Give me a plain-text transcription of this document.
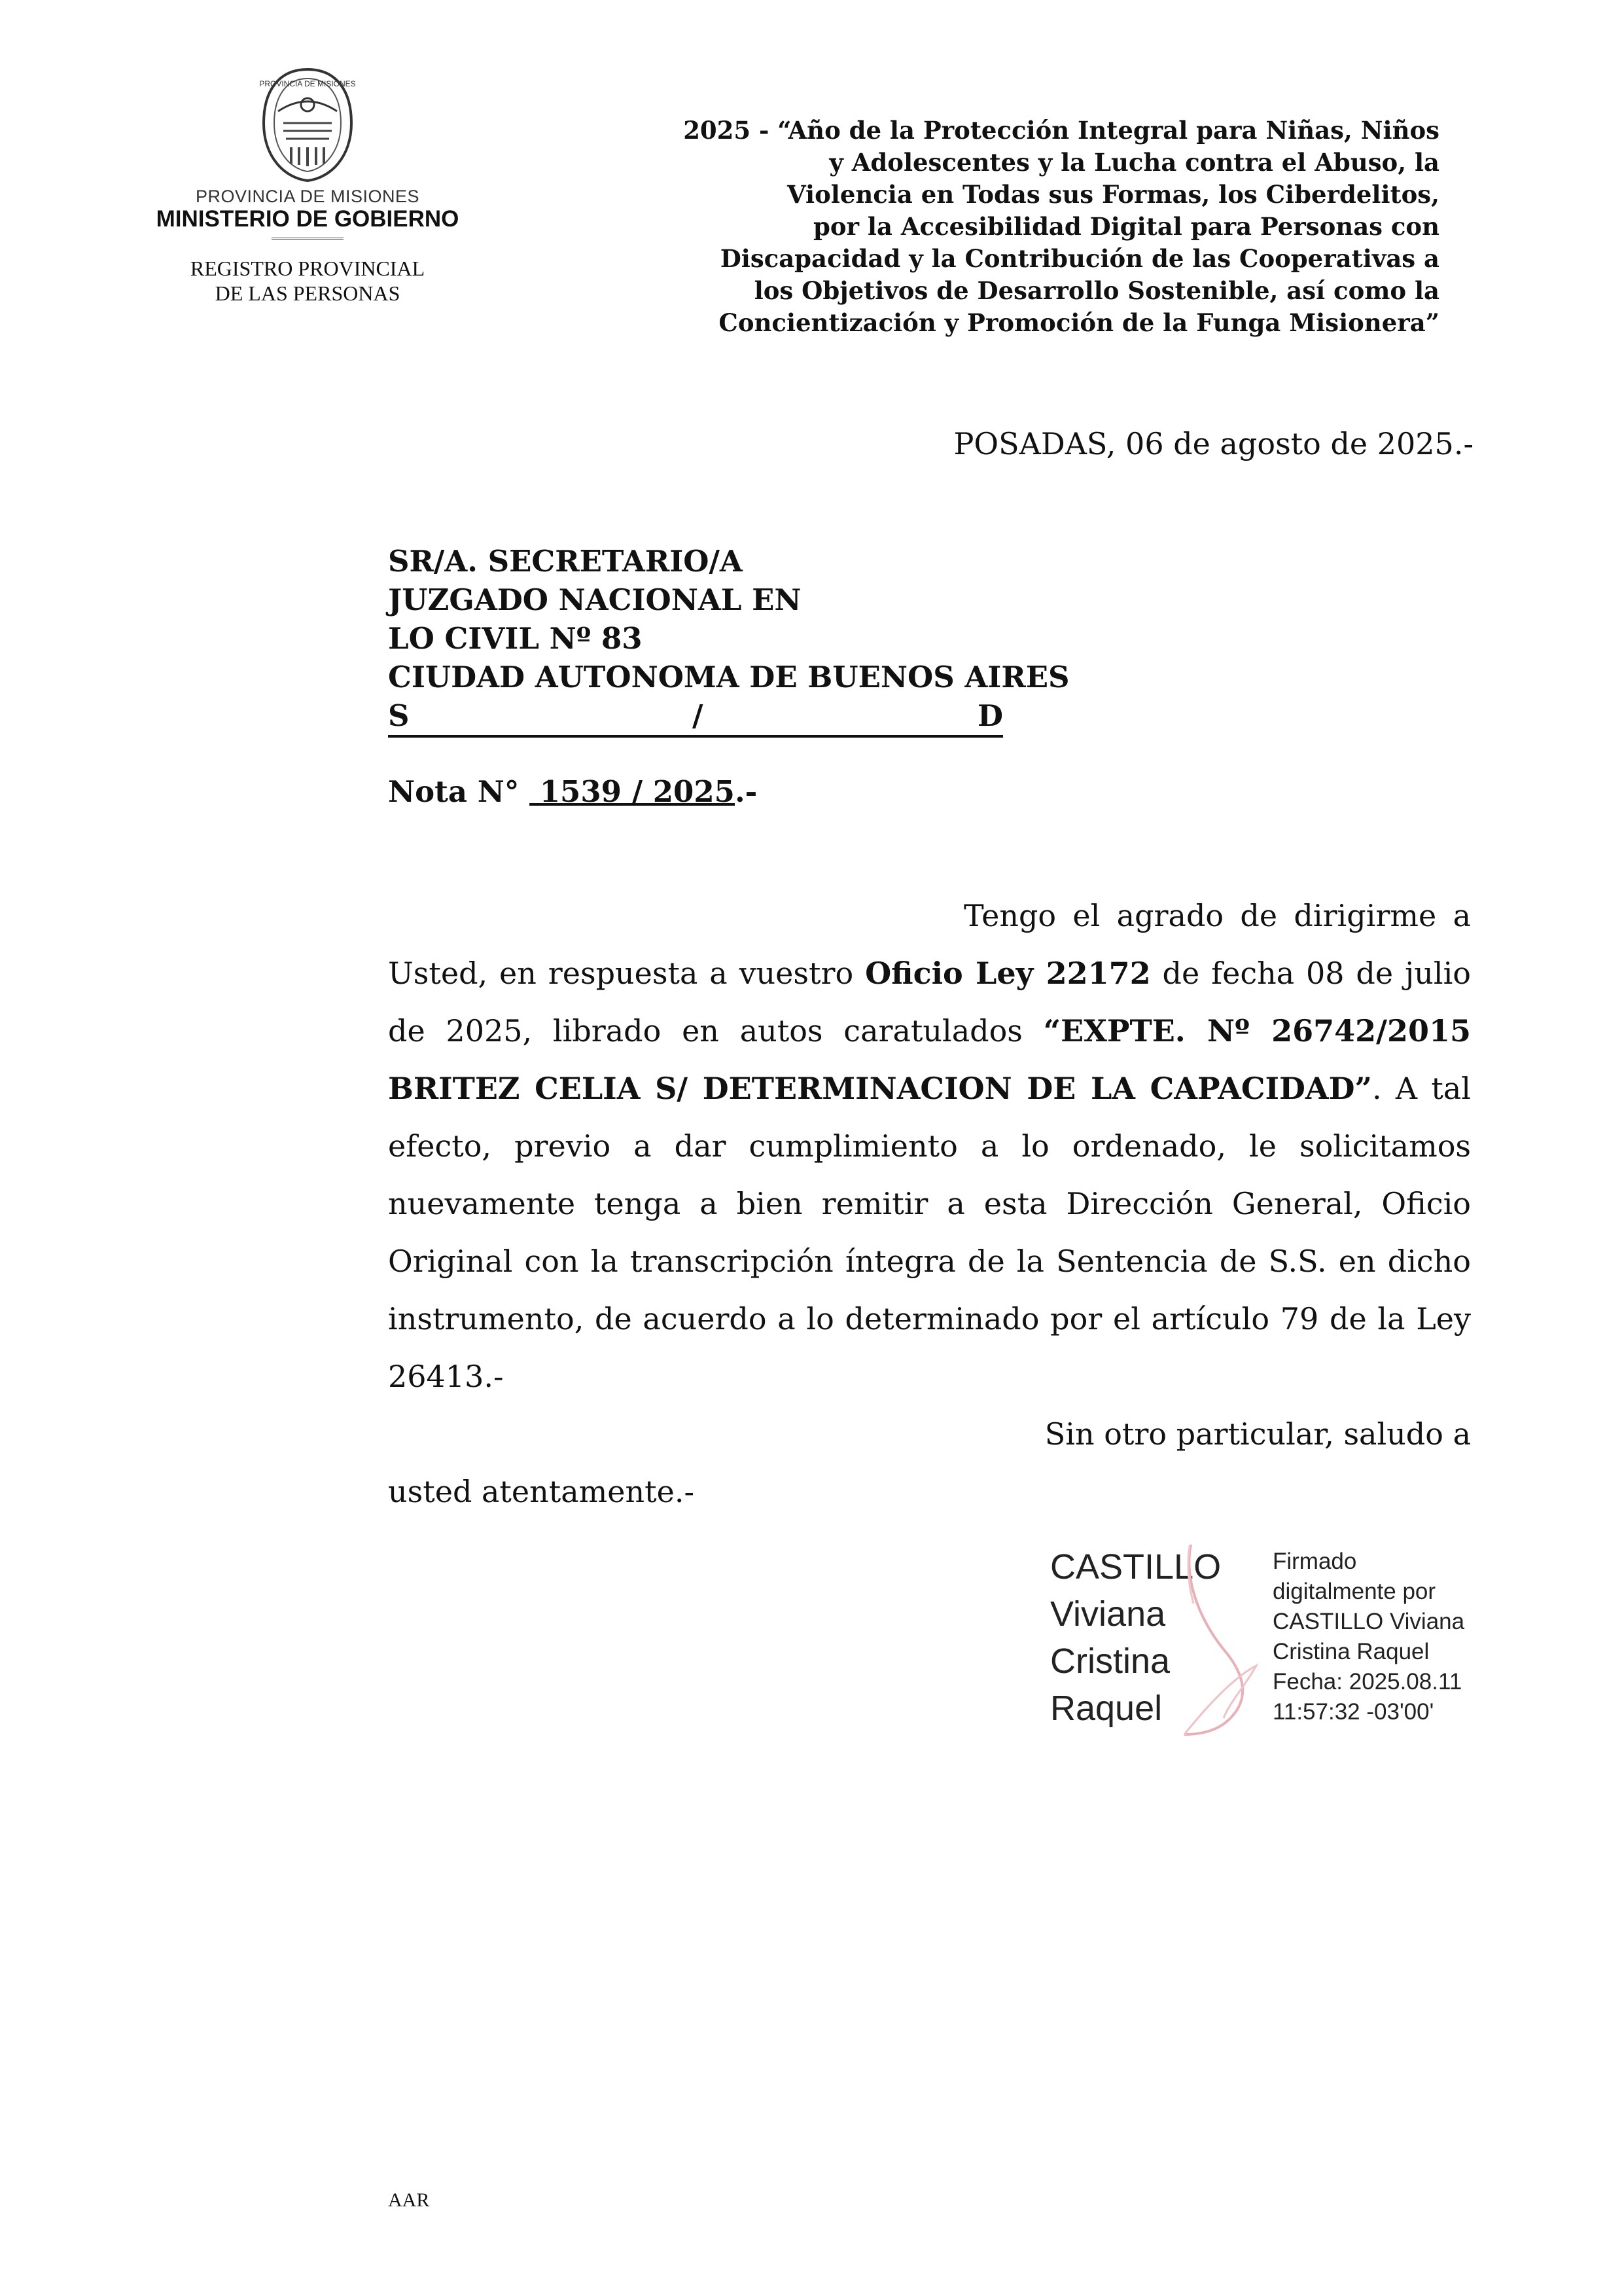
PROVINCIA DE MISIONES
PROVINCIA DE MISIONES
MINISTERIO DE GOBIERNO
REGISTRO PROVINCIAL
DE LAS PERSONAS
2025 - “Año de la Protección Integral para Niñas, Niños
y Adolescentes y la Lucha contra el Abuso, la
Violencia en Todas sus Formas, los Ciberdelitos,
por la Accesibilidad Digital para Personas con
Discapacidad y la Contribución de las Cooperativas a
los Objetivos de Desarrollo Sostenible, así como la
Concientización y Promoción de la Funga Misionera”
POSADAS, 06 de agosto de 2025.-
SR/A. SECRETARIO/A
JUZGADO NACIONAL EN
LO CIVIL Nº 83
CIUDAD AUTONOMA DE BUENOS AIRES
S	/	D
Nota N°  1539 / 2025.-

Tengo el agrado de dirigirme a Usted, en respuesta a vuestro Oficio Ley 22172 de fecha 08 de julio de 2025, librado en autos caratulados “EXPTE. Nº 26742/2015 BRITEZ CELIA S/ DETERMINACION DE LA CAPACIDAD”. A tal efecto, previo a dar cumplimiento a lo ordenado, le solicitamos nuevamente tenga a bien remitir a esta Dirección General, Oficio Original con la transcripción íntegra de la Sentencia de S.S. en dicho instrumento, de acuerdo a lo determinado por el artículo 79 de la Ley 26413.-

Sin otro particular, saludo a

usted atentamente.-

CASTILLO
Viviana
Cristina
Raquel
Firmado
digitalmente por
CASTILLO Viviana
Cristina Raquel
Fecha: 2025.08.11
11:57:32 -03'00'
AAR
